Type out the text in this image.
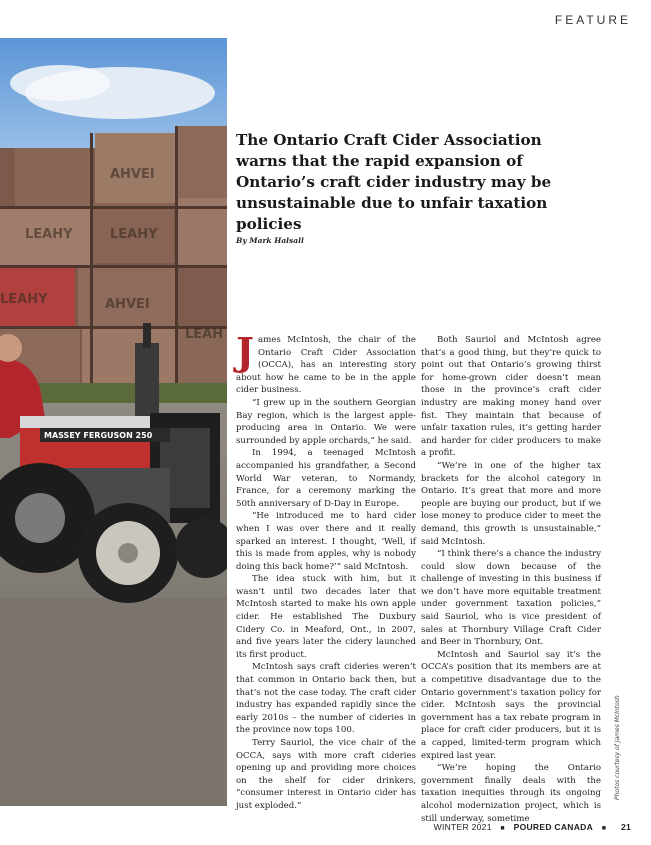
FEATURE
AHVEI
LEAHY	LEAHY
LEAHY	AHVEI
LEAH
MASSEY FERGUSON 250
The Ontario Craft Cider Association warns that the rapid expansion of Ontario’s craft cider industry may be unsustainable due to unfair taxation policies
By Mark Halsall
J ames McIntosh, the chair of the Ontario Craft Cider Association (OCCA), has an interesting story about how he came to be in the apple cider business.

“I grew up in the southern Georgian Bay region, which is the largest apple-producing area in Ontario. We were surrounded by apple orchards,” he said.

In 1994, a teenaged McIntosh accompanied his grandfather, a Second World War veteran, to Normandy, France, for a ceremony marking the 50th anniversary of D-Day in Europe.

“He introduced me to hard cider when I was over there and it really sparked an interest. I thought, ‘Well, if this is made from apples, why is nobody doing this back home?’” said McIntosh.

The idea stuck with him, but it wasn’t until two decades later that McIntosh started to make his own apple cider. He established The Duxbury Cidery Co. in Meaford, Ont., in 2007, and five years later the cidery launched its first product.

McIntosh says craft cideries weren’t that common in Ontario back then, but that’s not the case today. The craft cider industry has expanded rapidly since the early 2010s – the number of cideries in the province now tops 100.

Terry Sauriol, the vice chair of the OCCA, says with more craft cideries opening up and providing more choices on the shelf for cider drinkers, “consumer interest in Ontario cider has just exploded.”

Both Sauriol and McIntosh agree that’s a good thing, but they’re quick to point out that Ontario’s growing thirst for home-grown cider doesn’t mean those in the province’s craft cider industry are making money hand over fist. They maintain that because of unfair taxation rules, it’s getting harder and harder for cider producers to make a profit.

“We’re in one of the higher tax brackets for the alcohol category in Ontario. It’s great that more and more people are buying our product, but if we lose money to produce cider to meet the demand, this growth is unsustainable,” said McIntosh.

“I think there’s a chance the industry could slow down because of the challenge of investing in this business if we don’t have more equitable treatment under government taxation policies,” said Sauriol, who is vice president of sales at Thornbury Village Craft Cider and Beer in Thornbury, Ont.

McIntosh and Sauriol say it’s the OCCA’s position that its members are at a competitive disadvantage due to the Ontario government’s taxation policy for cider. McIntosh says the provincial government has a tax rebate program in place for craft cider producers, but it is a capped, limited-term program which expired last year.

“We’re hoping the Ontario government finally deals with the taxation inequities through its ongoing alcohol modernization project, which is still underway, sometime

Photos courtesy of James McIntosh
WINTER 2021 ■ POURED CANADA ■ 21
